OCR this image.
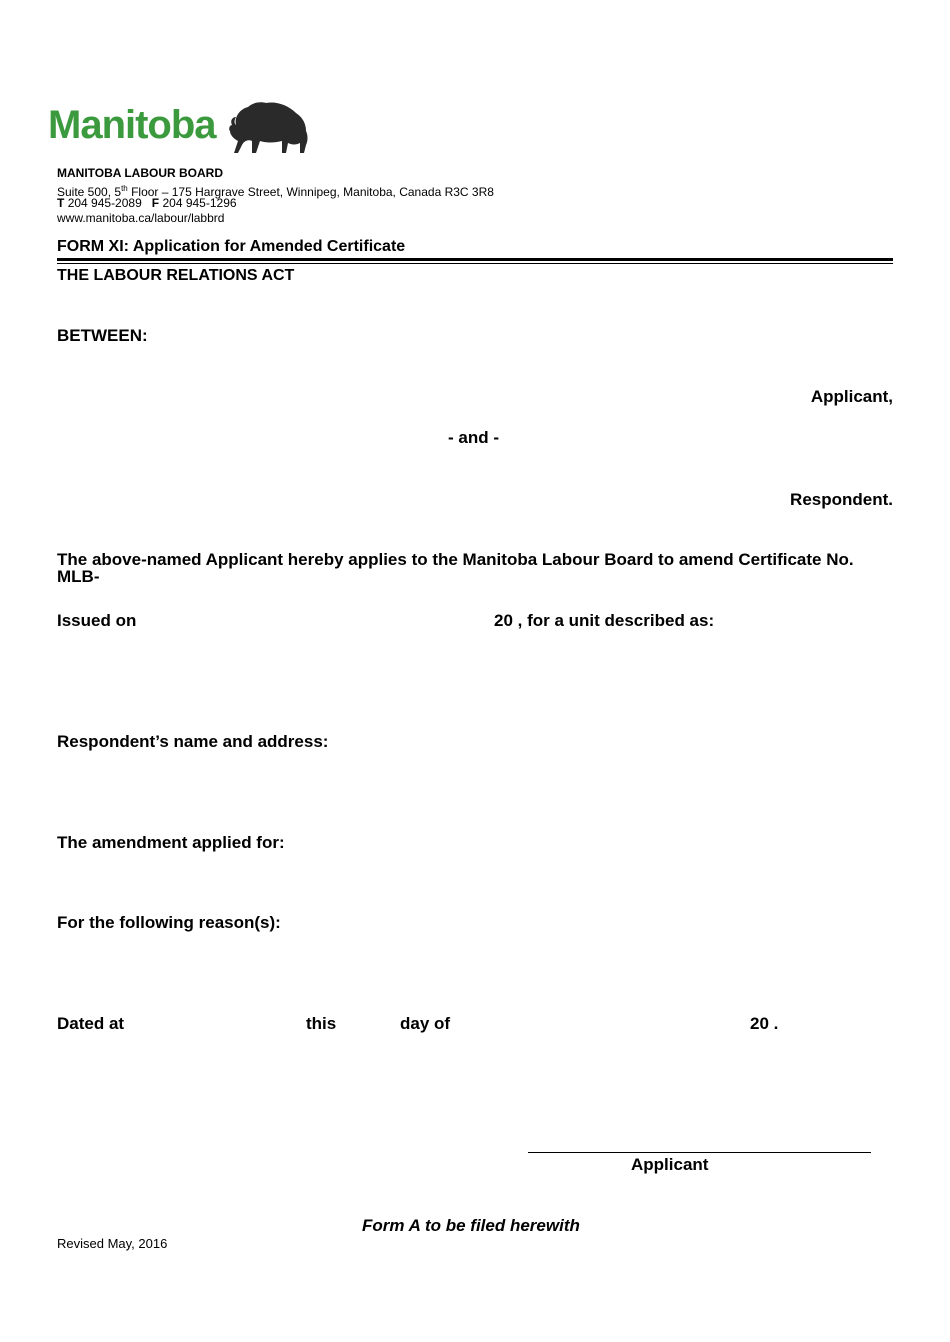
Manitoba
MANITOBA LABOUR BOARD
Suite 500, 5th Floor – 175 Hargrave Street, Winnipeg, Manitoba, Canada R3C 3R8
T 204 945-2089 F 204 945-1296
www.manitoba.ca/labour/labbrd
FORM XI: Application for Amended Certificate
THE LABOUR RELATIONS ACT
BETWEEN:
Applicant,
- and -
Respondent.
The above-named Applicant hereby applies to the Manitoba Labour Board to amend Certificate No.
MLB-
Issued on	20 , for a unit described as:
Respondent’s name and address:
The amendment applied for:
For the following reason(s):
Dated at	this	day of	20 .
Applicant
Form A to be filed herewith
Revised May, 2016
